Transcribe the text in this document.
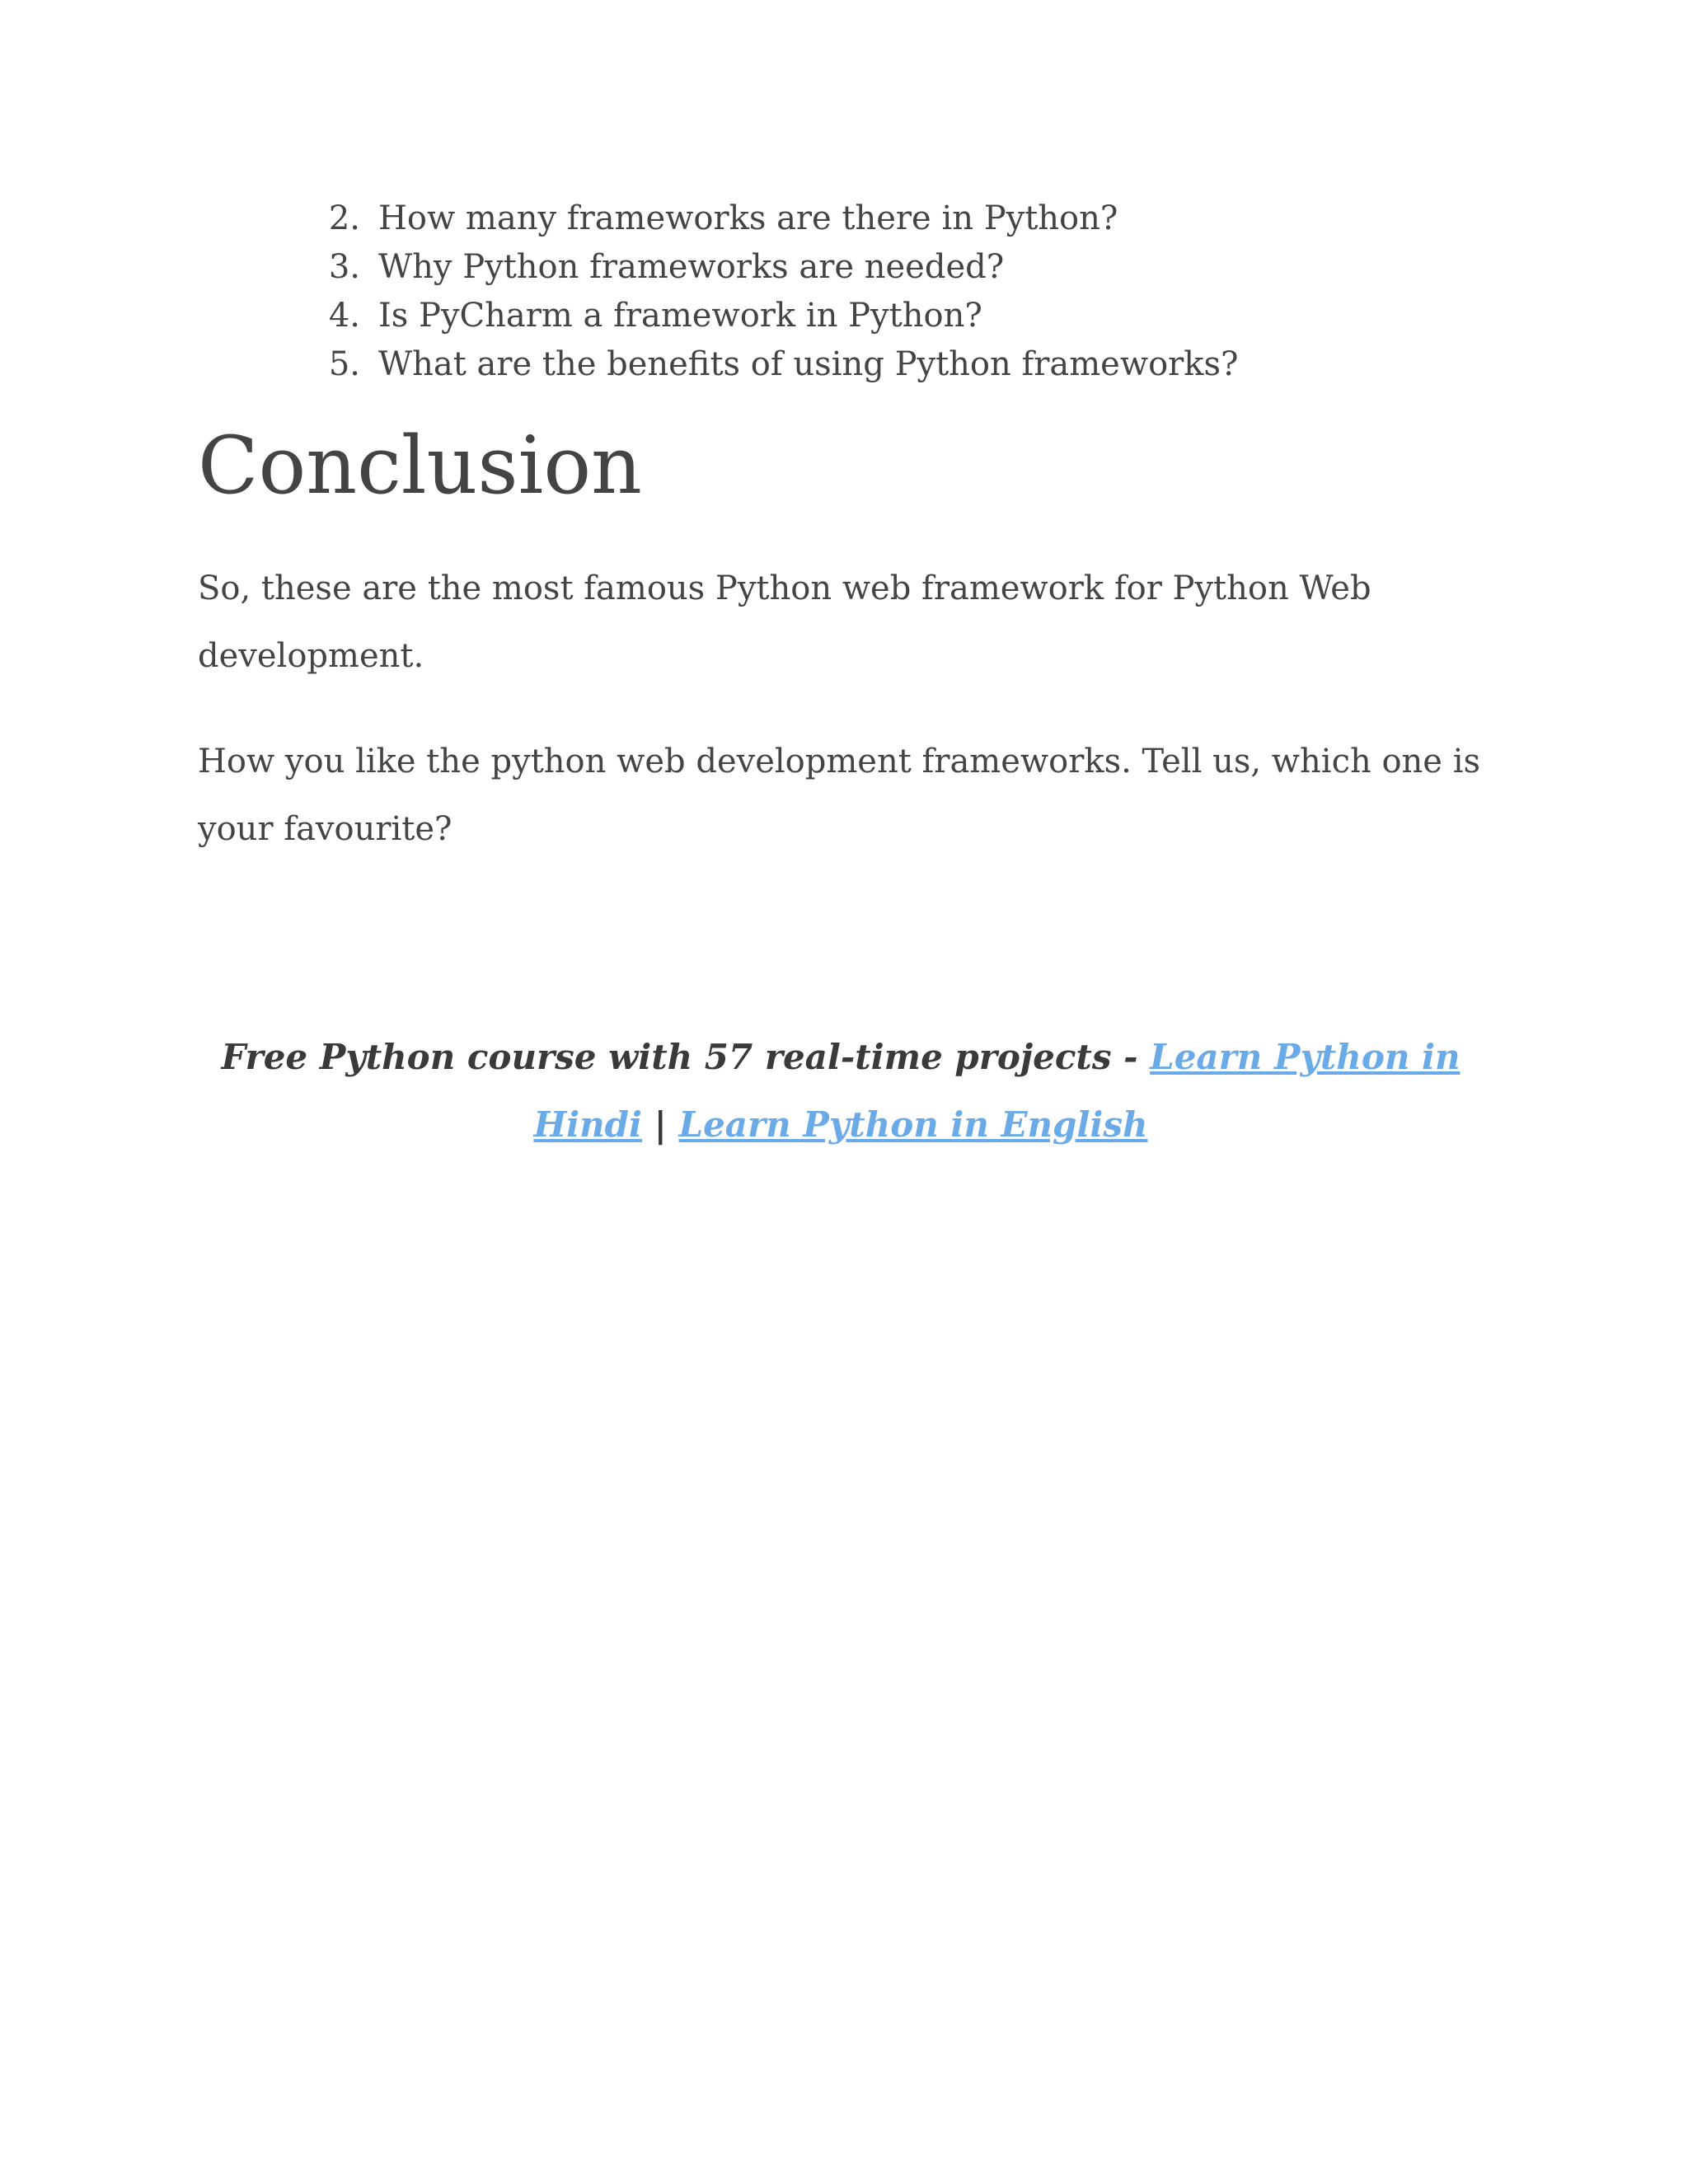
2. How many frameworks are there in Python?
3. Why Python frameworks are needed?
4. Is PyCharm a framework in Python?
5. What are the benefits of using Python frameworks?
Conclusion

So, these are the most famous Python web framework for Python Web development.

How you like the python web development frameworks. Tell us, which one is your favourite?

Free Python course with 57 real-time projects - Learn Python in Hindi | Learn Python in English
